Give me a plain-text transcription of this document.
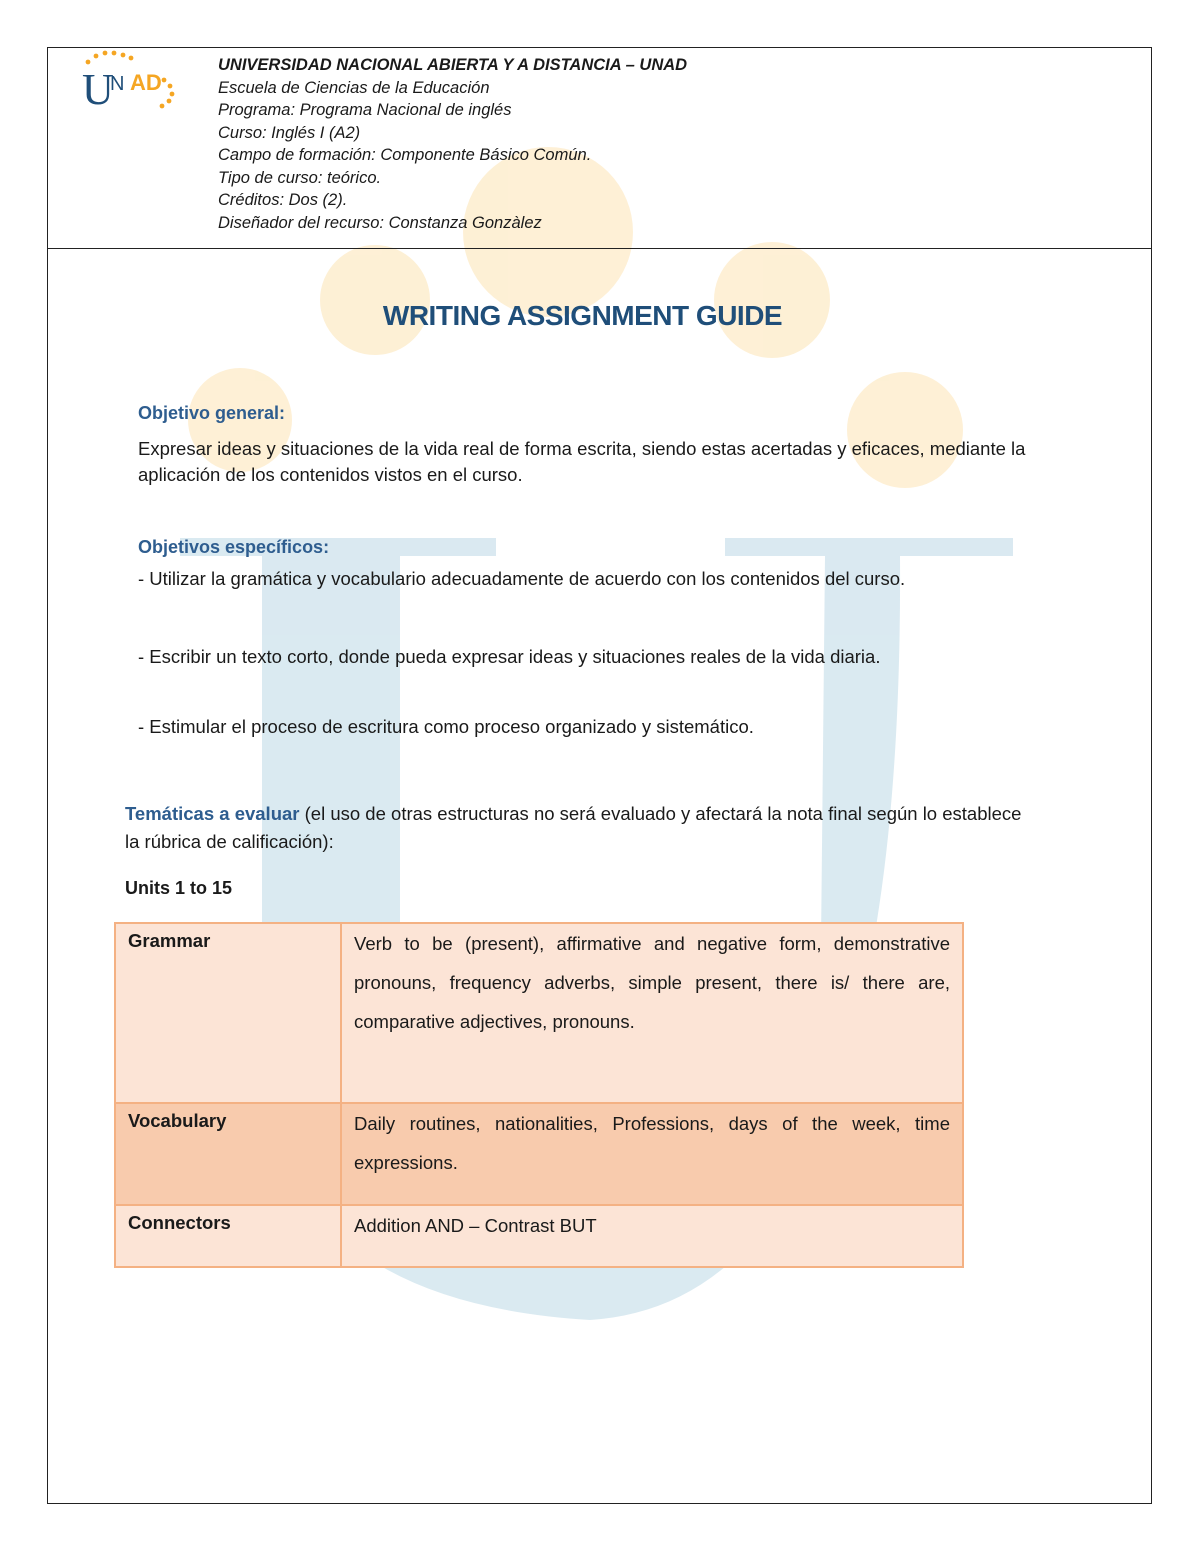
U
N AD
UNIVERSIDAD NACIONAL ABIERTA Y A DISTANCIA – UNAD
Escuela de Ciencias de la Educación
Programa: Programa Nacional de inglés
Curso: Inglés I (A2)
Campo de formación: Componente Básico Común.
Tipo de curso: teórico.
Créditos: Dos (2).
Diseñador del recurso: Constanza Gonzàlez
WRITING ASSIGNMENT GUIDE
Objetivo general:
Expresar ideas y situaciones de la vida real de forma escrita, siendo estas acertadas y eficaces, mediante la aplicación de los contenidos vistos en el curso.
Objetivos específicos:
- Utilizar la gramática y vocabulario adecuadamente de acuerdo con los contenidos del curso.
- Escribir un texto corto, donde pueda expresar ideas y situaciones reales de la vida diaria.
- Estimular el proceso de escritura como proceso organizado y sistemático.
Temáticas a evaluar (el uso de otras estructuras no será evaluado y afectará la nota final según lo establece la rúbrica de calificación):
Units 1 to 15
Grammar	Verb to be (present), affirmative and negative form, demonstrative pronouns, frequency adverbs, simple present, there is/ there are, comparative adjectives, pronouns.
Vocabulary	Daily routines, nationalities, Professions, days of the week, time expressions.
Connectors	Addition AND – Contrast BUT
